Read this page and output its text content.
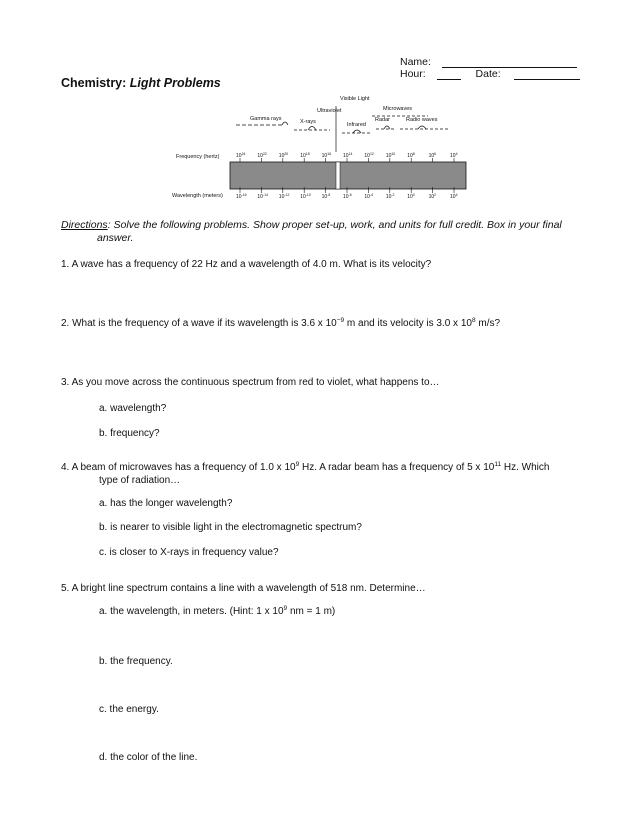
Name:
Hour:	Date:
Chemistry: Light Problems
Visible Light
Ultraviolet
Gamma rays	X-rays	Infrared
Microwaves
Radar	Radio waves
Frequency (hertz)	$10^{24}$ $10^{22}$ $10^{20}$ $10^{18}$ $10^{16}$ $10^{14}$ $10^{12}$ $10^{10}$ $10^8$	$10^6$	$10^4$
Wavelength (meters)	$10^{-16}$ $10^{-14}$ $10^{-12}$ $10^{-10}$ $10^{-8}$	$10^{-6}$	$10^{-4}$	$10^{-2}$	$10^0$	$10^2$	$10^4$
Directions: Solve the following problems. Show proper set-up, work, and units for full credit. Box in your final
answer.
1. A wave has a frequency of 22 Hz and a wavelength of 4.0 m. What is its velocity?
2. What is the frequency of a wave if its wavelength is 3.6 x $10^{-9}$ m and its velocity is 3.0 x $10^8$ m/s?
3. As you move across the continuous spectrum from red to violet, what happens to…
a. wavelength?
b. frequency?
4. A beam of microwaves has a frequency of 1.0 x $10^9$ Hz. A radar beam has a frequency of 5 x $10^{11}$ Hz. Which
type of radiation…
a. has the longer wavelength?
b. is nearer to visible light in the electromagnetic spectrum?
c. is closer to X-rays in frequency value?
5. A bright line spectrum contains a line with a wavelength of 518 nm. Determine…
a. the wavelength, in meters. (Hint: 1 x $10^9$ nm = 1 m)
b. the frequency.
c. the energy.
d. the color of the line.
